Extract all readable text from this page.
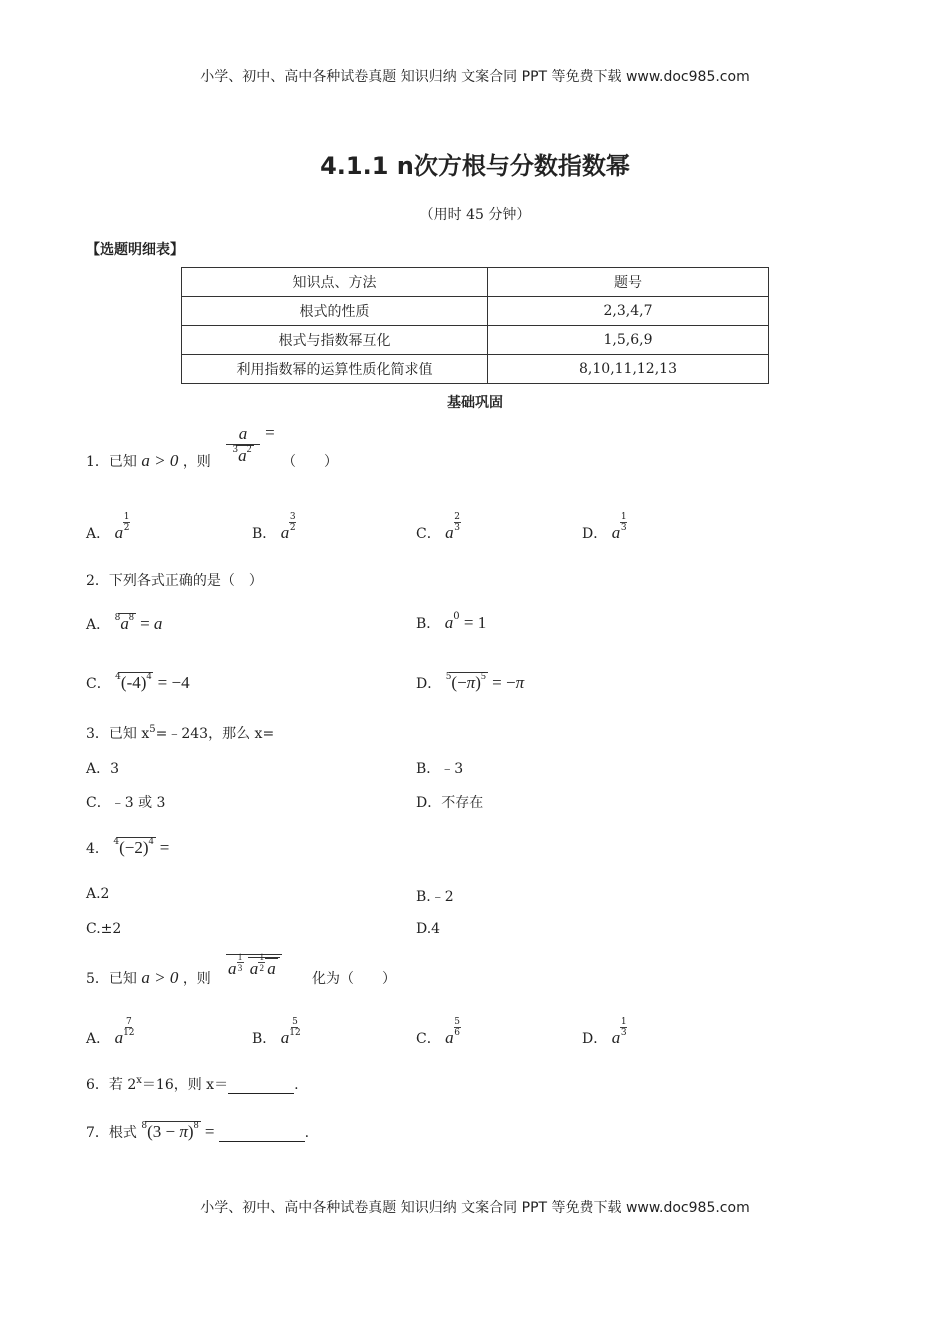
小学、初中、高中各种试卷真题 知识归纳 文案合同 PPT 等免费下载 www.doc985.com
4.1.1 n次方根与分数指数幂
（用时 45 分钟）
【选题明细表】
知识点、方法	题号
根式的性质	2,3,4,7
根式与指数幂互化	1,5,6,9
利用指数幂的运算性质化简求值	8,10,11,12,13
基础巩固
1．已知 a > 0 ，则 $\frac{a}{^3a^2}$ =
（　　）
A． a $\frac{1}{2}$
B． a $\frac{3}{2}$
C． a $\frac{2}{3}$
D． a $\frac{1}{3}$
2．下列各式正确的是（　）
A． $^8a^8 = a$	B． $a^0 = 1$
C． $^4(-4)^4 = -4$	D． $^5(-\pi)^5 = -\pi$
3．已知 $x^5=﹣243$，那么 x=
A．3	B．﹣3
C．﹣3 或 3	D．不存在
4． $^4(-2)^4$ =
A.2	B.﹣2
C.±2	D.4
5．已知 a > 0 ，则
a $\frac{1}{3}$ a $\frac{1}{2}$ a
化为（　　）
A． a $\frac{7}{12}$
B． a $\frac{5}{12}$
C． a $\frac{5}{6}$
D． a $\frac{1}{3}$
6．若 $2^x=16$，则 x＝	.
7．根式 $^8(3 - \pi)^8$ =	.
小学、初中、高中各种试卷真题 知识归纳 文案合同 PPT 等免费下载 www.doc985.com
